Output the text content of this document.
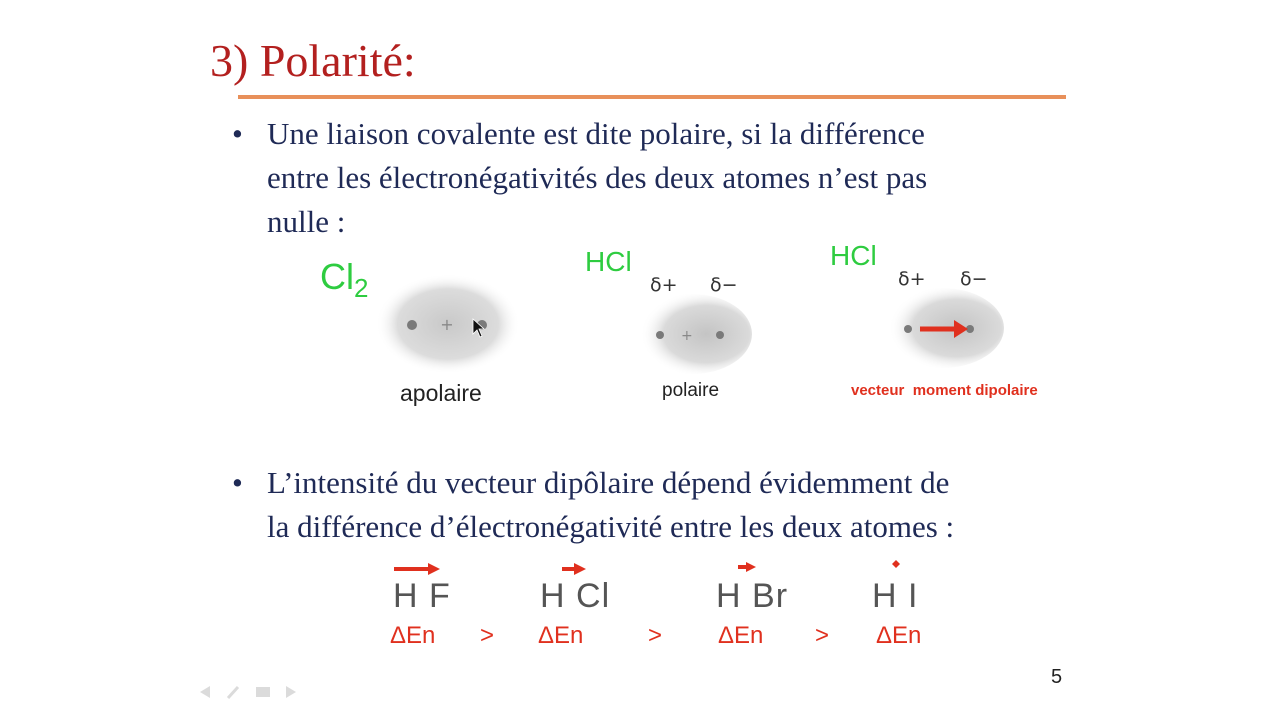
3) Polarité:
• Une liaison covalente est dite polaire, si la différence
entre les électronégativités des deux atomes n’est pas
nulle :
$Cl_2$
+
apolaire
HCl
δ+ δ−
+
polaire
HCl
δ+ δ−
vecteur  moment dipolaire
• L’intensité du vecteur dipôlaire dépend évidemment de
la différence d’électronégativité entre les deux atomes :
H F	H Cl	H Br H I
ΔEn > ΔEn	> ΔEn > ΔEn
5
